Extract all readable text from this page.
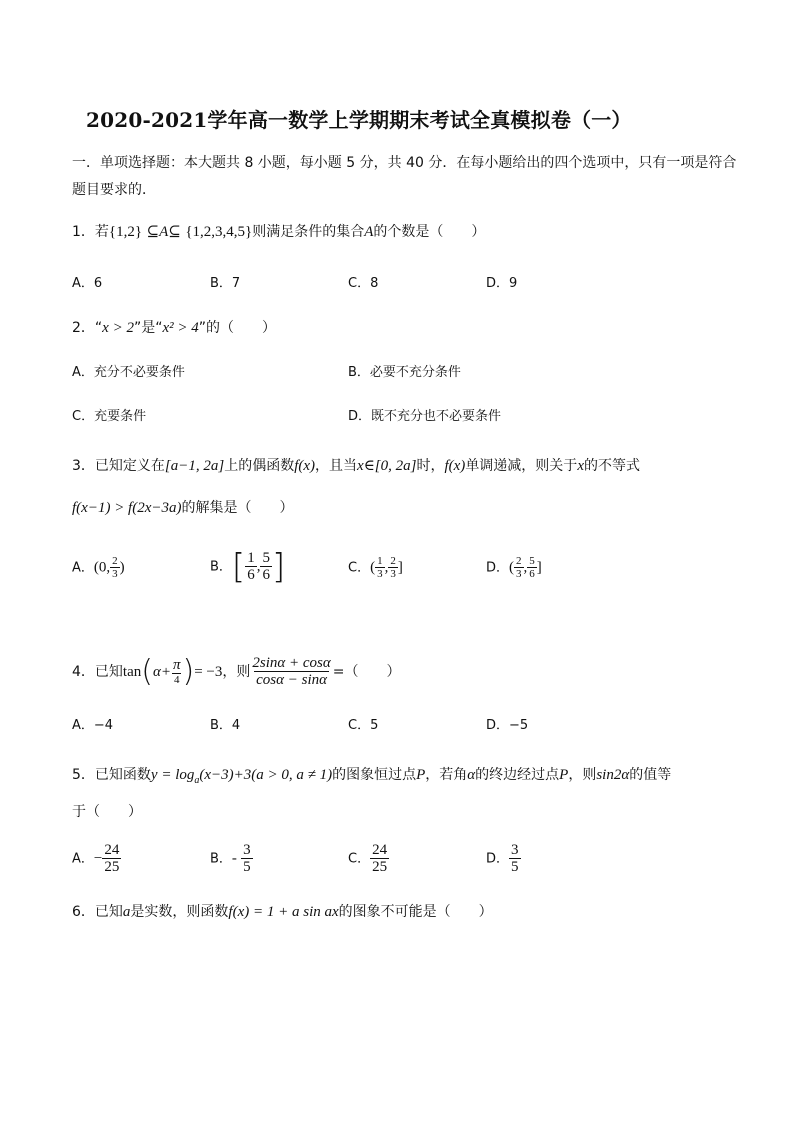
2020-2021学年高一数学上学期期末考试全真模拟卷（一）
一．单项选择题：本大题共 8 小题，每小题 5 分，共 40 分．在每小题给出的四个选项中，只有一项是符合
题目要求的．
1．若{1,2} ⊆A⊆ {1,2,3,4,5}则满足条件的集合A的个数是（　　）
A．6	B．7	C．8	D．9
2．“x > 2”是“x² > 4”的（　　）
A．充分不必要条件	B．必要不充分条件
C．充要条件	D．既不充分也不必要条件
3．已知定义在[a−1, 2a]上的偶函数f(x)，且当x∈[0, 2a]时，f(x)单调递减，则关于x的不等式
f(x−1) > f(2x−3a)的解集是（　　）
A．(0, $\frac{2}{3}$ )	B．[ $\frac{1}{6}$ , $\frac{5}{6}$ ]	C．( $\frac{1}{3}$ , $\frac{2}{3}$ ]	D．( $\frac{2}{3}$ , $\frac{5}{6}$ ]
4．已知$\tan(\alpha+ \frac{\pi}{4}$ )= −3，则 $\frac{2\sin\alpha + \cos\alpha}{\cos\alpha - \sin\alpha}$ =（　　）
A．−4	B．4	C．5	D．−5
5．已知函数$y = \log_a(x-3)+3(a > 0$, a ≠ 1)的图象恒过点P，若角α的终边经过点P，则sin2α的值等
于（　　）
A．− $\frac{24}{25}$	B．- $\frac{3}{5}$	C． $\frac{24}{25}$	D． $\frac{3}{5}$
6．已知a是实数，则函数f(x) = 1 + a sin ax的图象不可能是（　　）
